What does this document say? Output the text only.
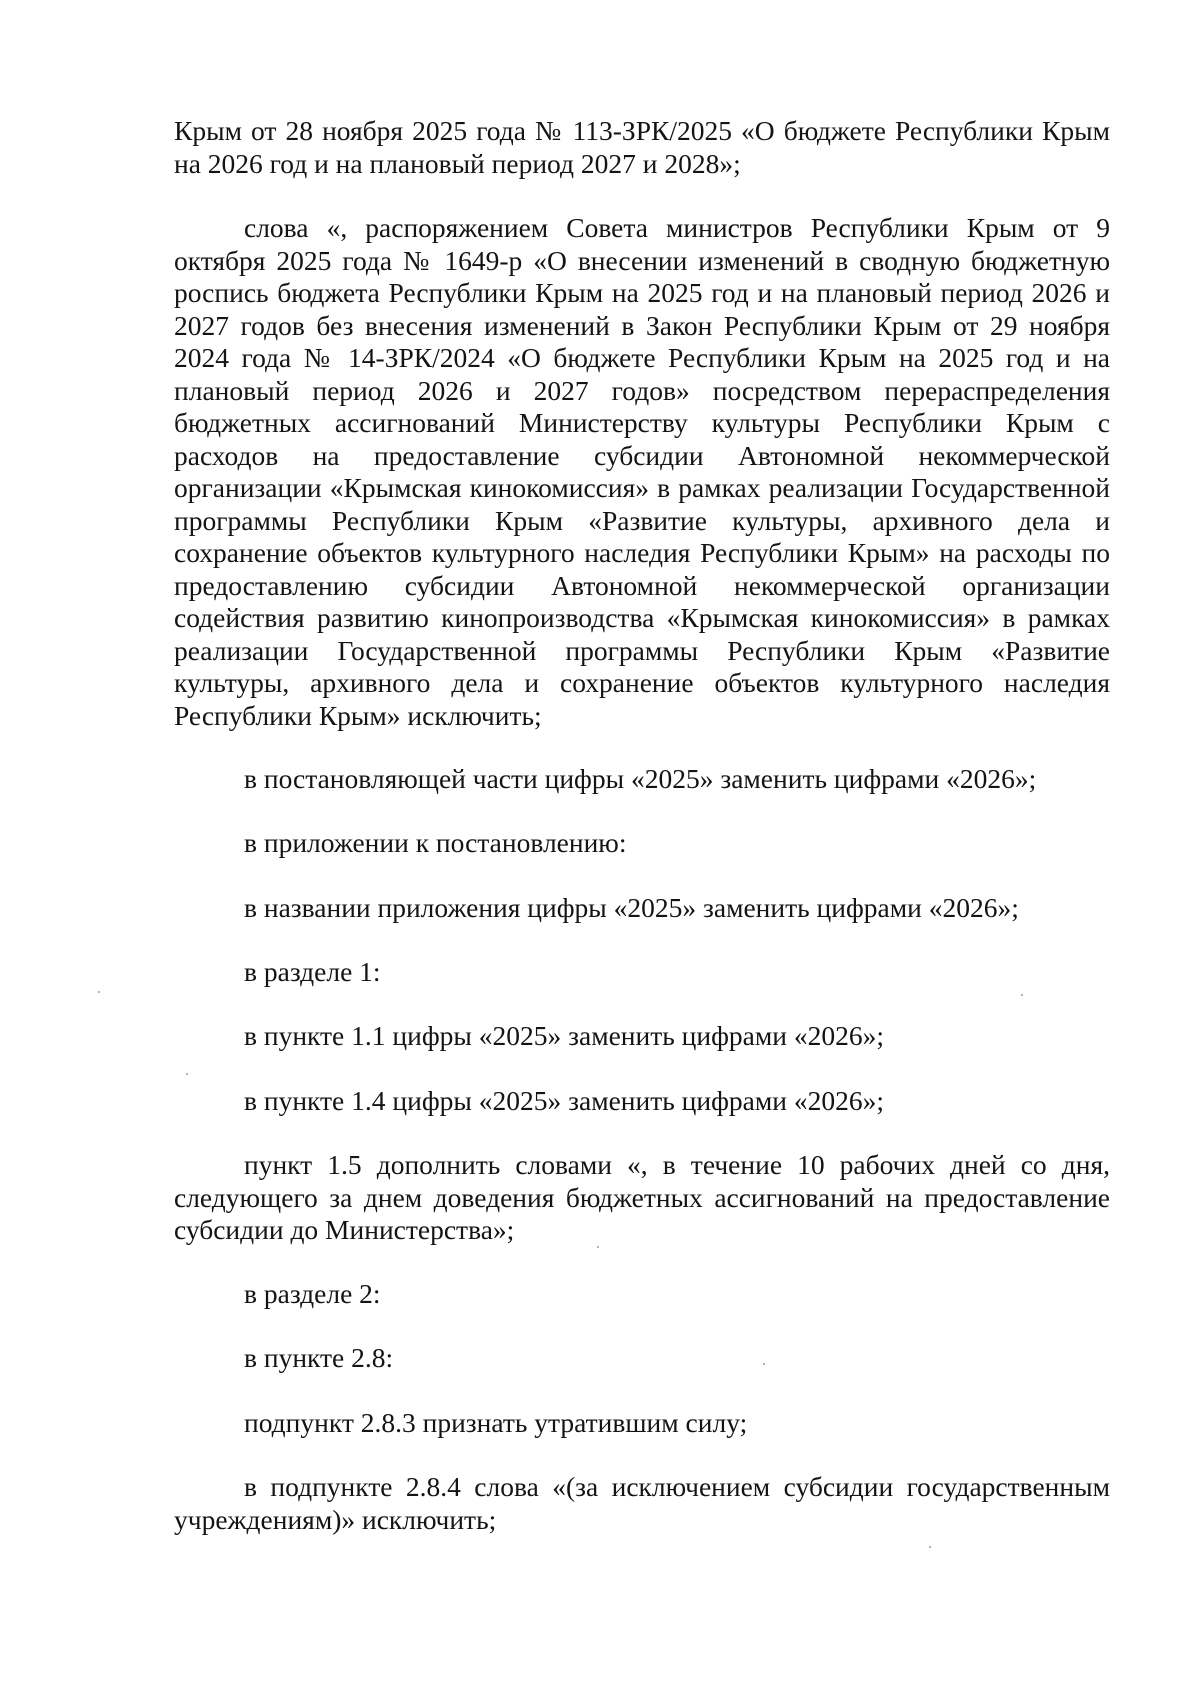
Крым от 28 ноября 2025 года № 113-ЗРК/2025 «О бюджете Республики Крым на 2026 год и на плановый период 2027 и 2028»;
слова «, распоряжением Совета министров Республики Крым от 9 октября 2025 года № 1649-р «О внесении изменений в сводную бюджетную роспись бюджета Республики Крым на 2025 год и на плановый период 2026 и 2027 годов без внесения изменений в Закон Республики Крым от 29 ноября 2024 года № 14-ЗРК/2024 «О бюджете Республики Крым на 2025 год и на плановый период 2026 и 2027 годов» посредством перераспределения бюджетных ассигнований Министерству культуры Республики Крым с расходов на предоставление субсидии Автономной некоммерческой организации «Крымская кинокомиссия» в рамках реализации Государственной программы Республики Крым «Развитие культуры, архивного дела и сохранение объектов культурного наследия Республики Крым» на расходы по предоставлению субсидии Автономной некоммерческой организации содействия развитию кинопроизводства «Крымская кинокомиссия» в рамках реализации Государственной программы Республики Крым «Развитие культуры, архивного дела и сохранение объектов культурного наследия Республики Крым» исключить;
в постановляющей части цифры «2025» заменить цифрами «2026»;
в приложении к постановлению:
в названии приложения цифры «2025» заменить цифрами «2026»;
в разделе 1:
в пункте 1.1 цифры «2025» заменить цифрами «2026»;
в пункте 1.4 цифры «2025» заменить цифрами «2026»;
пункт 1.5 дополнить словами «, в течение 10 рабочих дней со дня, следующего за днем доведения бюджетных ассигнований на предоставление субсидии до Министерства»;
в разделе 2:
в пункте 2.8:
подпункт 2.8.3 признать утратившим силу;
в подпункте 2.8.4 слова «(за исключением субсидии государственным учреждениям)» исключить;
